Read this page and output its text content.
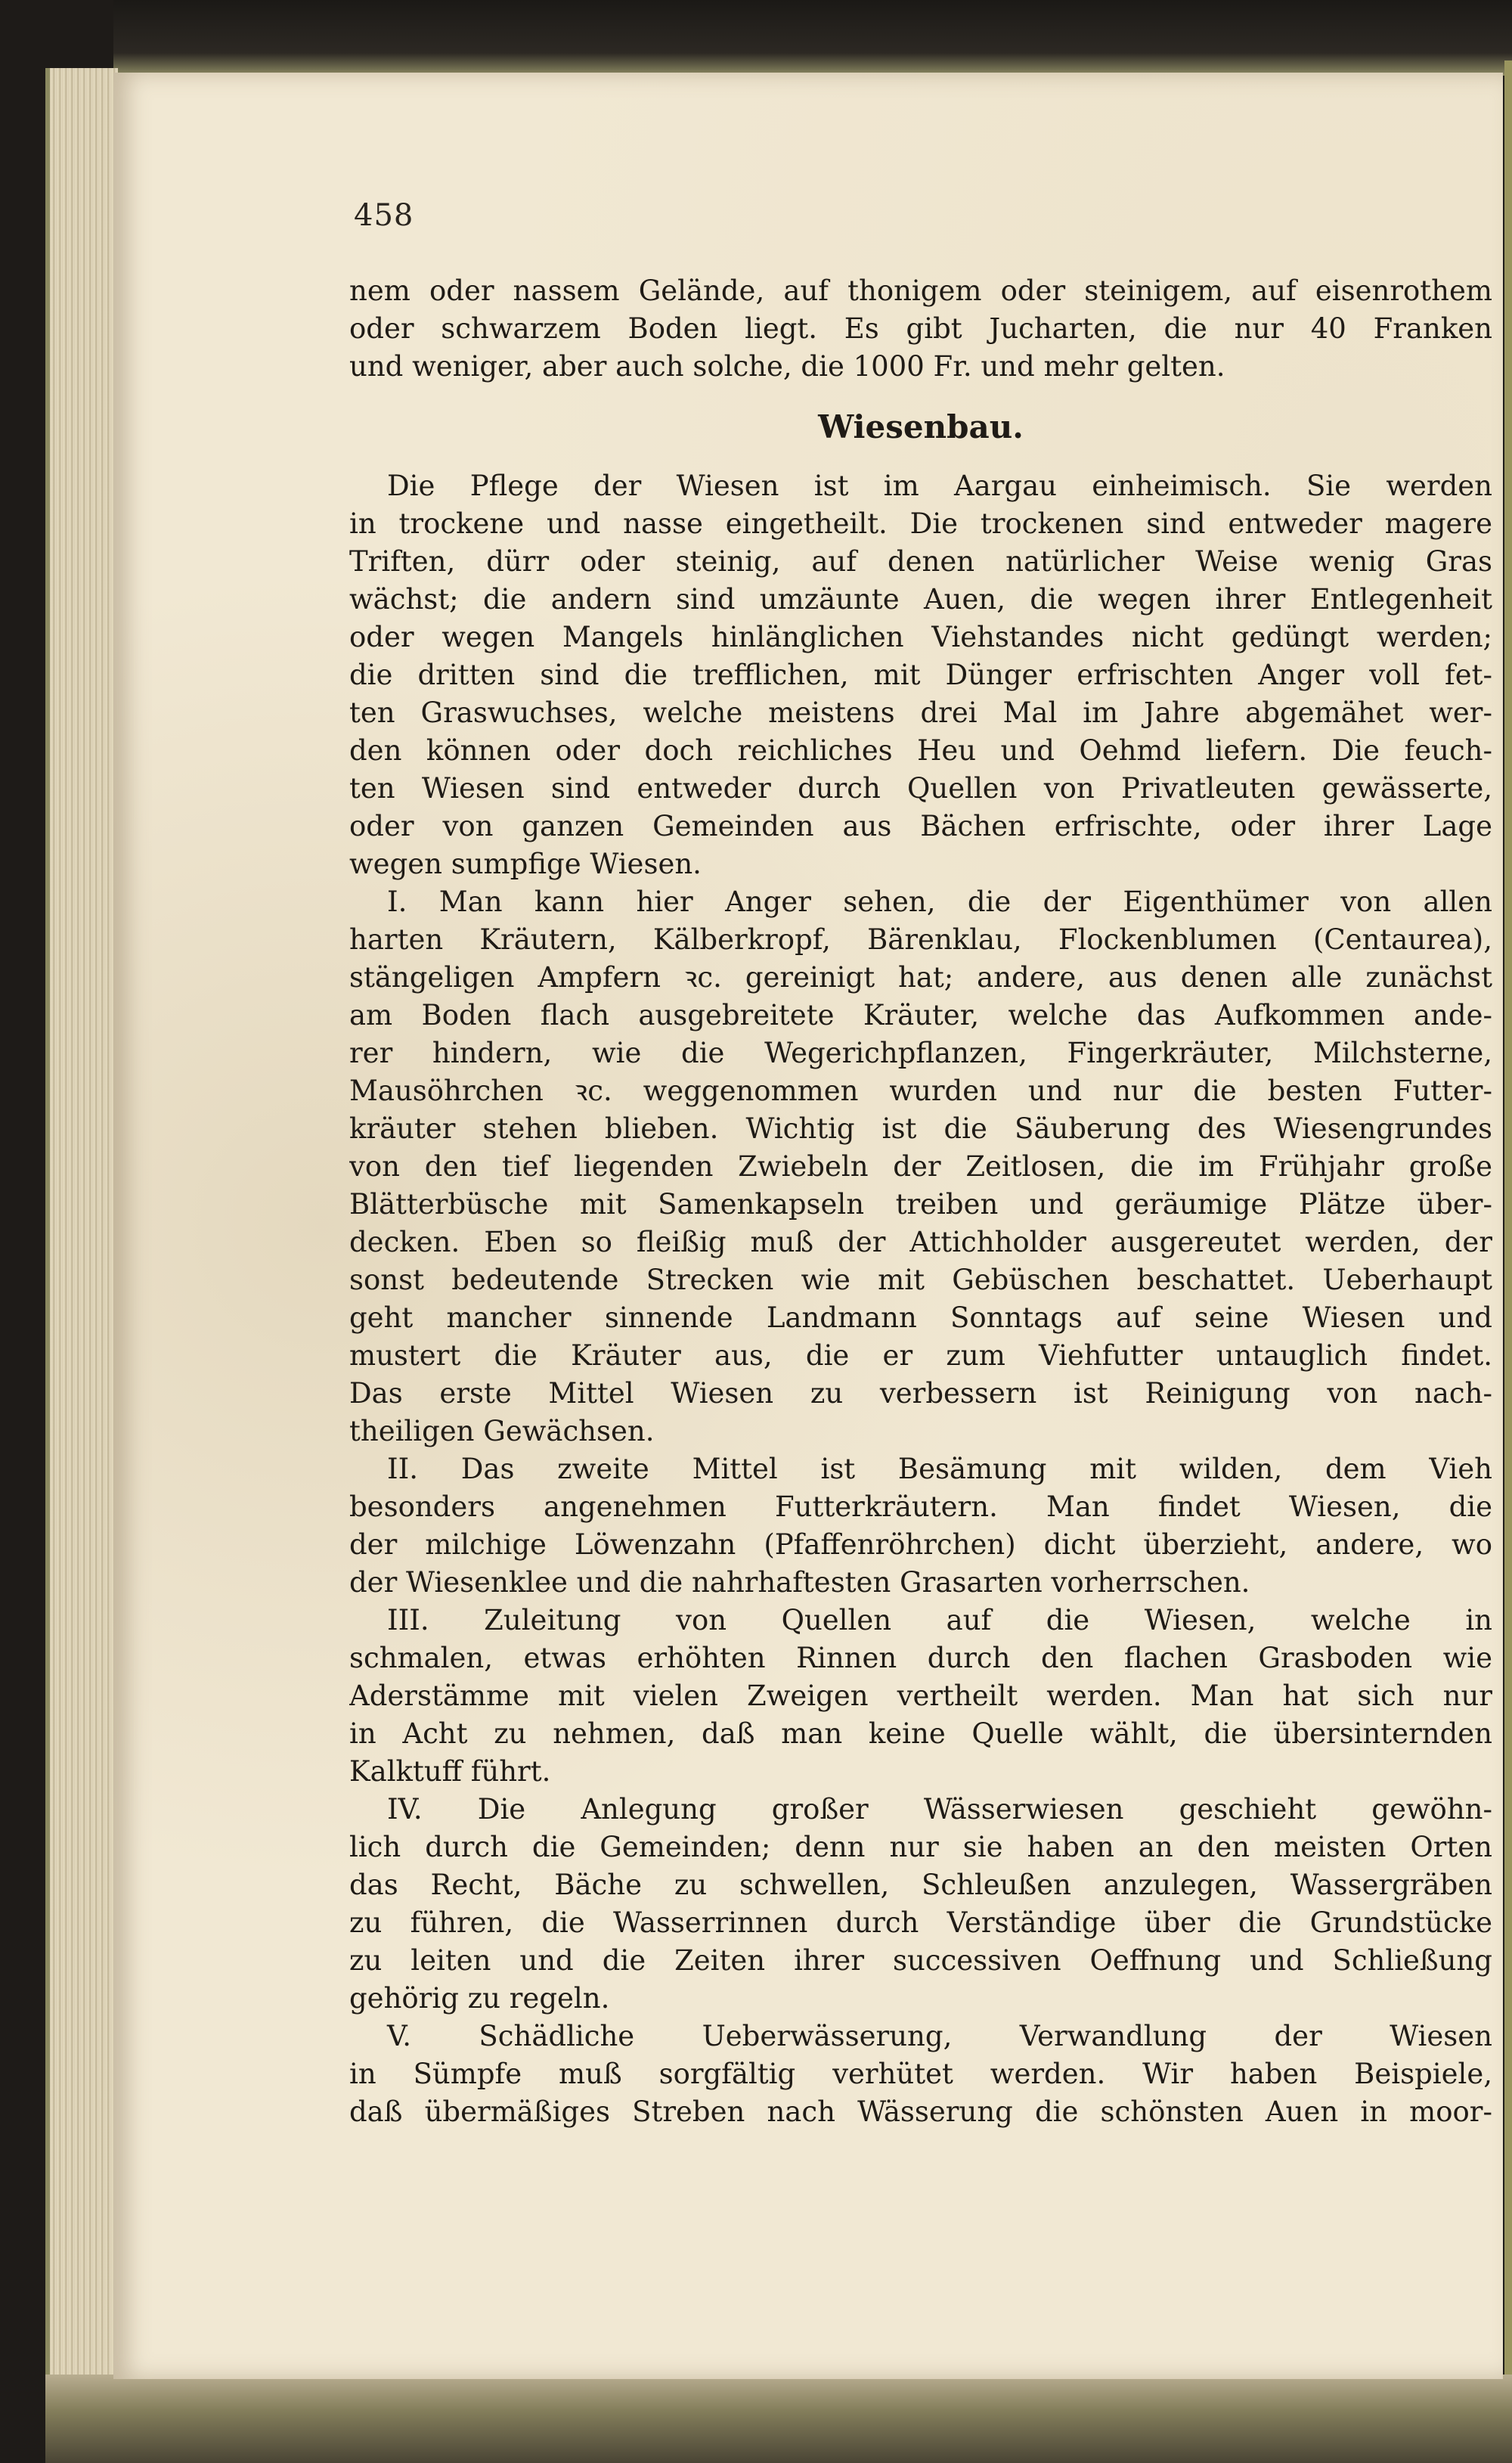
458
nem oder nassem Gelände, auf thonigem oder steinigem, auf eisenrothem
oder schwarzem Boden liegt. Es gibt Jucharten, die nur 40 Franken
und weniger, aber auch solche, die 1000 Fr. und mehr gelten.
Wiesenbau.
Die Pflege der Wiesen ist im Aargau einheimisch. Sie werden
in trockene und nasse eingetheilt. Die trockenen sind entweder magere
Triften, dürr oder steinig, auf denen natürlicher Weise wenig Gras
wächst; die andern sind umzäunte Auen, die wegen ihrer Entlegenheit
oder wegen Mangels hinlänglichen Viehstandes nicht gedüngt werden;
die dritten sind die trefflichen, mit Dünger erfrischten Anger voll fet-
ten Graswuchses, welche meistens drei Mal im Jahre abgemähet wer-
den können oder doch reichliches Heu und Oehmd liefern. Die feuch-
ten Wiesen sind entweder durch Quellen von Privatleuten gewässerte,
oder von ganzen Gemeinden aus Bächen erfrischte, oder ihrer Lage
wegen sumpfige Wiesen.
I. Man kann hier Anger sehen, die der Eigenthümer von allen
harten Kräutern, Kälberkropf, Bärenklau, Flockenblumen (Centaurea),
stängeligen Ampfern ꝛc. gereinigt hat; andere, aus denen alle zunächst
am Boden flach ausgebreitete Kräuter, welche das Aufkommen ande-
rer hindern, wie die Wegerichpflanzen, Fingerkräuter, Milchsterne,
Mausöhrchen ꝛc. weggenommen wurden und nur die besten Futter-
kräuter stehen blieben. Wichtig ist die Säuberung des Wiesengrundes
von den tief liegenden Zwiebeln der Zeitlosen, die im Frühjahr große
Blätterbüsche mit Samenkapseln treiben und geräumige Plätze über-
decken. Eben so fleißig muß der Attichholder ausgereutet werden, der
sonst bedeutende Strecken wie mit Gebüschen beschattet. Ueberhaupt
geht mancher sinnende Landmann Sonntags auf seine Wiesen und
mustert die Kräuter aus, die er zum Viehfutter untauglich findet.
Das erste Mittel Wiesen zu verbessern ist Reinigung von nach-
theiligen Gewächsen.
II. Das zweite Mittel ist Besämung mit wilden, dem Vieh
besonders angenehmen Futterkräutern. Man findet Wiesen, die
der milchige Löwenzahn (Pfaffenröhrchen) dicht überzieht, andere, wo
der Wiesenklee und die nahrhaftesten Grasarten vorherrschen.
III. Zuleitung von Quellen auf die Wiesen, welche in
schmalen, etwas erhöhten Rinnen durch den flachen Grasboden wie
Aderstämme mit vielen Zweigen vertheilt werden. Man hat sich nur
in Acht zu nehmen, daß man keine Quelle wählt, die übersinternden
Kalktuff führt.
IV. Die Anlegung großer Wässerwiesen geschieht gewöhn-
lich durch die Gemeinden; denn nur sie haben an den meisten Orten
das Recht, Bäche zu schwellen, Schleußen anzulegen, Wassergräben
zu führen, die Wasserrinnen durch Verständige über die Grundstücke
zu leiten und die Zeiten ihrer successiven Oeffnung und Schließung
gehörig zu regeln.
V. Schädliche Ueberwässerung, Verwandlung der Wiesen
in Sümpfe muß sorgfältig verhütet werden. Wir haben Beispiele,
daß übermäßiges Streben nach Wässerung die schönsten Auen in moor-
